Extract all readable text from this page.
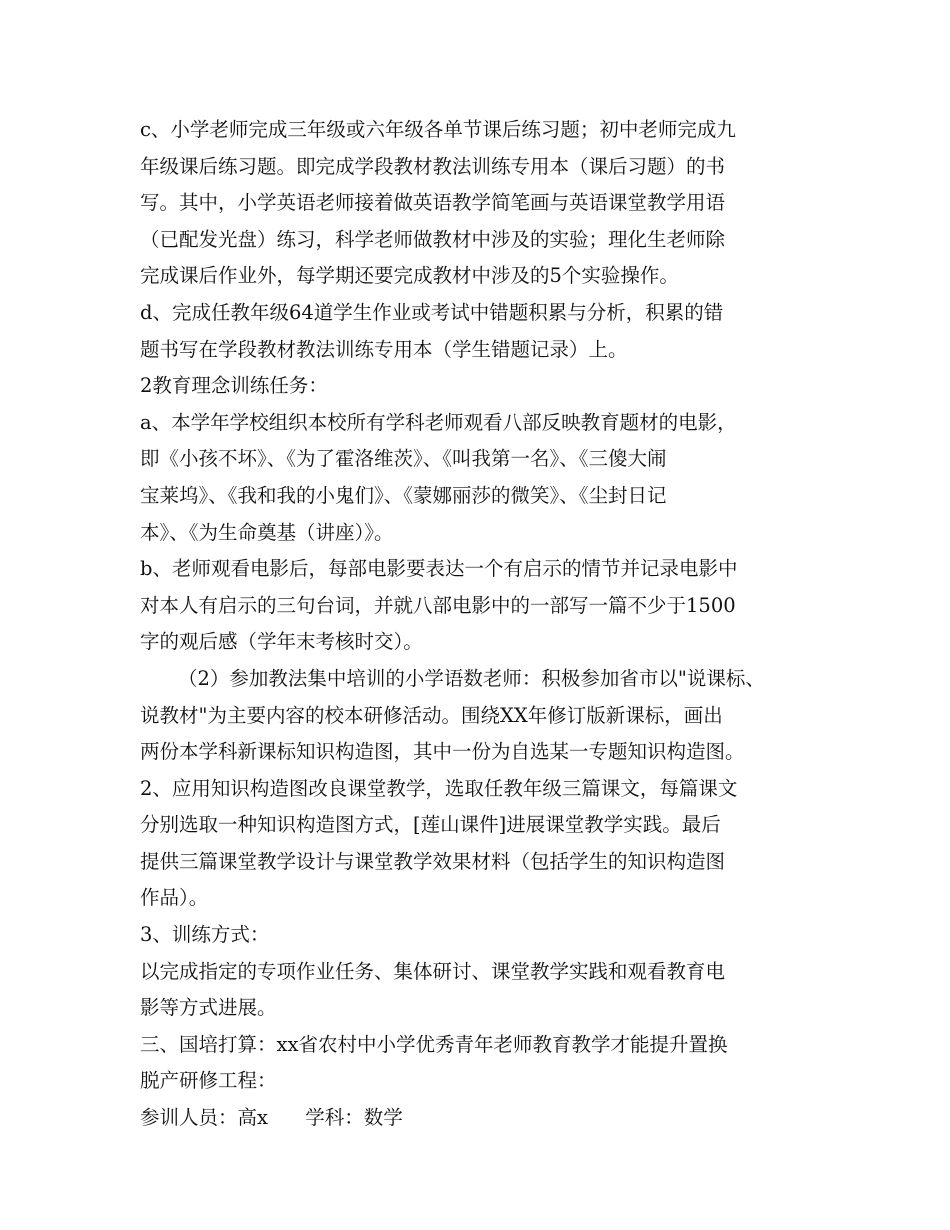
c、小学老师完成三年级或六年级各单节课后练习题；初中老师完成九
年级课后练习题。即完成学段教材教法训练专用本（课后习题）的书
写。其中，小学英语老师接着做英语教学简笔画与英语课堂教学用语
（已配发光盘）练习，科学老师做教材中涉及的实验；理化生老师除
完成课后作业外，每学期还要完成教材中涉及的5个实验操作。
d、完成任教年级64道学生作业或考试中错题积累与分析，积累的错
题书写在学段教材教法训练专用本（学生错题记录）上。
2教育理念训练任务：
a、本学年学校组织本校所有学科老师观看八部反映教育题材的电影，
即《小孩不坏》、《为了霍洛维茨》、《叫我第一名》、《三傻大闹
宝莱坞》、《我和我的小鬼们》、《蒙娜丽莎的微笑》、《尘封日记
本》、《为生命奠基（讲座）》。
b、老师观看电影后，每部电影要表达一个有启示的情节并记录电影中
对本人有启示的三句台词，并就八部电影中的一部写一篇不少于1500
字的观后感（学年末考核时交）。
（2）参加教法集中培训的小学语数老师：积极参加省市以"说课标、
说教材"为主要内容的校本研修活动。围绕XX年修订版新课标，画出
两份本学科新课标知识构造图，其中一份为自选某一专题知识构造图。
2、应用知识构造图改良课堂教学，选取任教年级三篇课文，每篇课文
分别选取一种知识构造图方式，[莲山课件]进展课堂教学实践。最后
提供三篇课堂教学设计与课堂教学效果材料（包括学生的知识构造图
作品）。
3、训练方式：
以完成指定的专项作业任务、集体研讨、课堂教学实践和观看教育电
影等方式进展。
三、国培打算：xx省农村中小学优秀青年老师教育教学才能提升置换
脱产研修工程：
参训人员：高x      学科：数学
